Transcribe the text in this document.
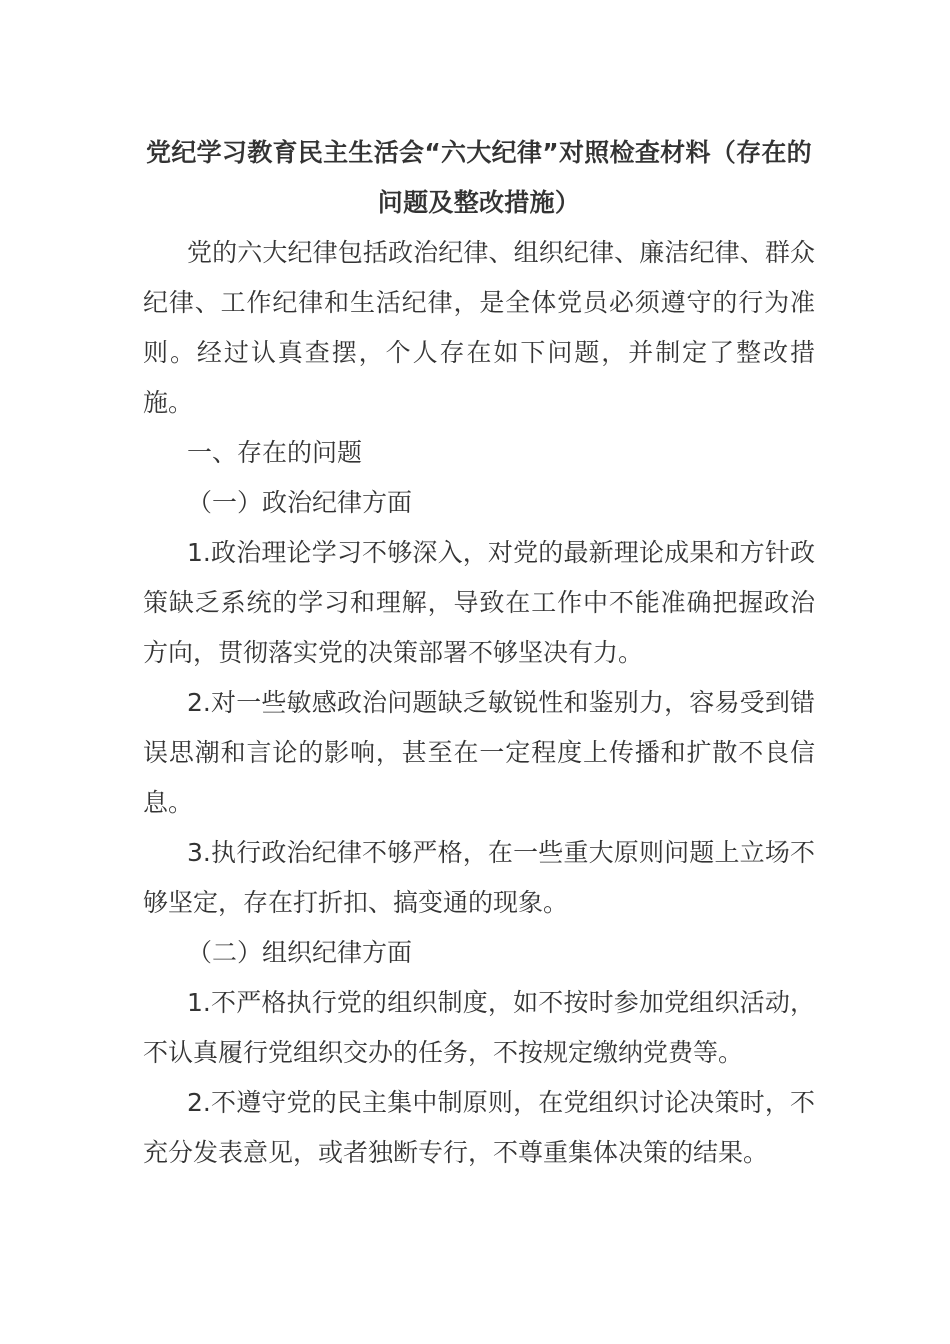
党纪学习教育民主生活会“六大纪律”对照检查材料（存在的问题及整改措施）

党的六大纪律包括政治纪律、组织纪律、廉洁纪律、群众纪律、工作纪律和生活纪律，是全体党员必须遵守的行为准则。经过认真查摆，个人存在如下问题，并制定了整改措施。

一、存在的问题

（一）政治纪律方面

1.政治理论学习不够深入，对党的最新理论成果和方针政策缺乏系统的学习和理解，导致在工作中不能准确把握政治方向，贯彻落实党的决策部署不够坚决有力。

2.对一些敏感政治问题缺乏敏锐性和鉴别力，容易受到错误思潮和言论的影响，甚至在一定程度上传播和扩散不良信息。

3.执行政治纪律不够严格，在一些重大原则问题上立场不够坚定，存在打折扣、搞变通的现象。

（二）组织纪律方面

1.不严格执行党的组织制度，如不按时参加党组织活动，不认真履行党组织交办的任务，不按规定缴纳党费等。

2.不遵守党的民主集中制原则，在党组织讨论决策时，不充分发表意见，或者独断专行，不尊重集体决策的结果。
